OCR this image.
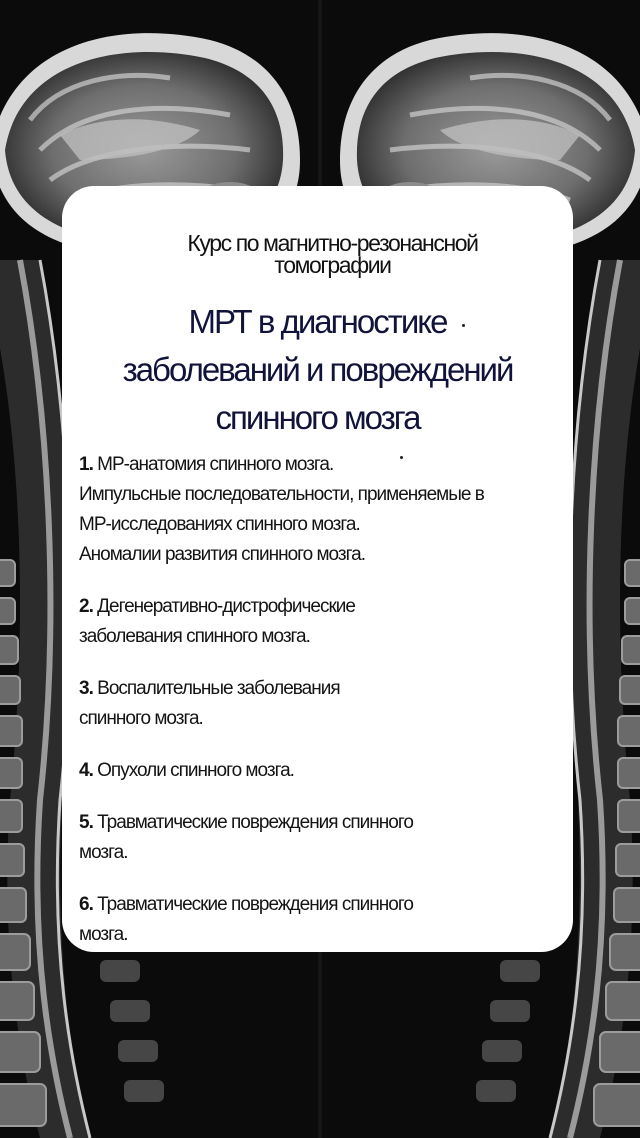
Курс по магнитно-резонансной
томографии
МРТ в диагностике
заболеваний и повреждений
спинного мозга
1. МР-анатомия спинного мозга.
Импульсные последовательности, применяемые в
МР-исследованиях спинного мозга.
Аномалии развития спинного мозга.
2. Дегенеративно-дистрофические
заболевания спинного мозга.
3. Воспалительные заболевания
спинного мозга.
4. Опухоли спинного мозга.
5. Травматические повреждения спинного
мозга.
6. Травматические повреждения спинного
мозга.
